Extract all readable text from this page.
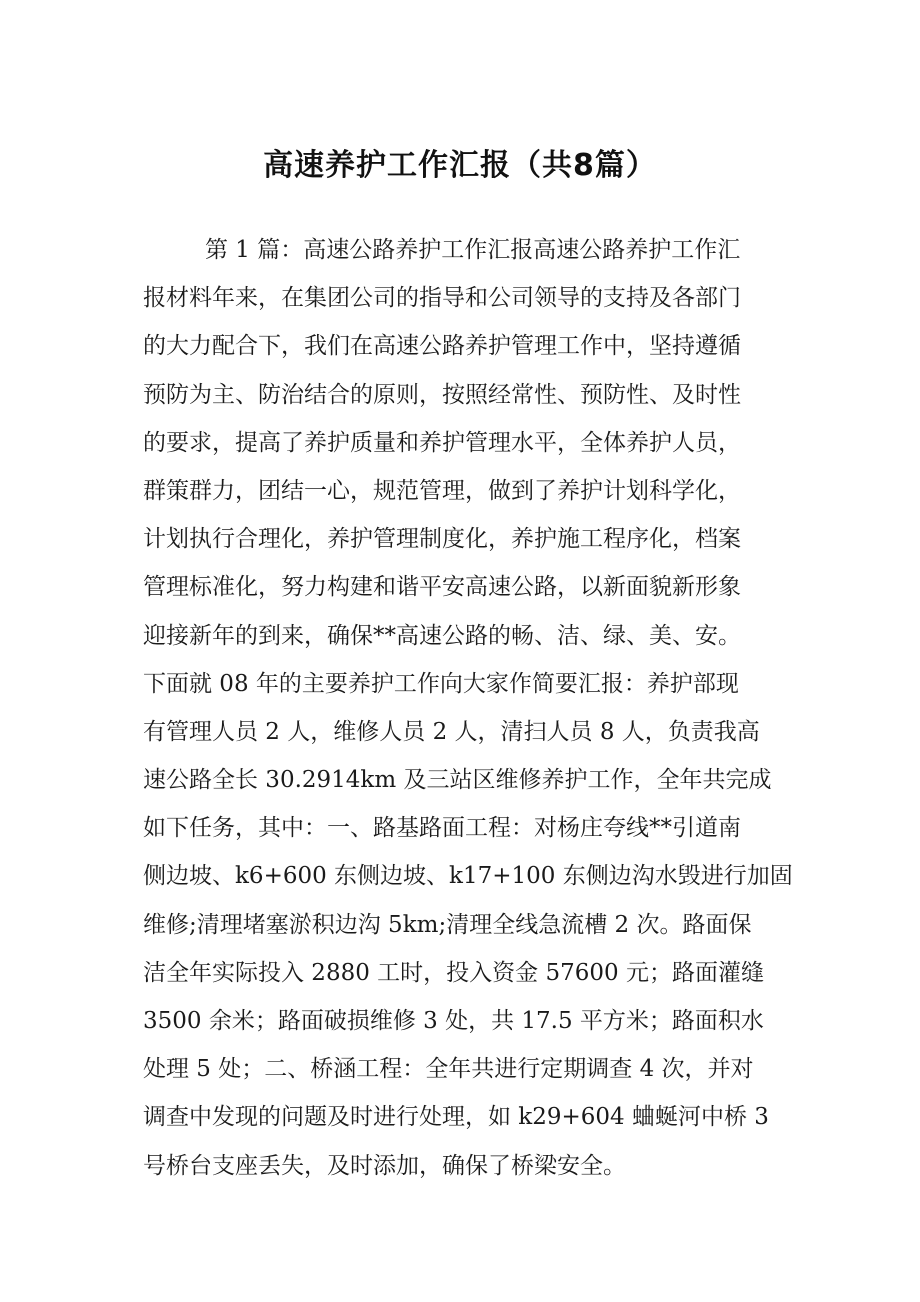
高速养护工作汇报（共8篇）
第 1 篇：高速公路养护工作汇报高速公路养护工作汇
报材料年来，在集团公司的指导和公司领导的支持及各部门
的大力配合下，我们在高速公路养护管理工作中，坚持遵循
预防为主、防治结合的原则，按照经常性、预防性、及时性
的要求，提高了养护质量和养护管理水平，全体养护人员，
群策群力，团结一心，规范管理，做到了养护计划科学化，
计划执行合理化，养护管理制度化，养护施工程序化，档案
管理标准化，努力构建和谐平安高速公路，以新面貌新形象
迎接新年的到来，确保**高速公路的畅、洁、绿、美、安。
下面就 08 年的主要养护工作向大家作简要汇报：养护部现
有管理人员 2 人，维修人员 2 人，清扫人员 8 人，负责我高
速公路全长 30.2914km 及三站区维修养护工作，全年共完成
如下任务，其中：一、路基路面工程：对杨庄夸线**引道南
侧边坡、k6+600 东侧边坡、k17+100 东侧边沟水毁进行加固
维修;清理堵塞淤积边沟 5km;清理全线急流槽 2 次。路面保
洁全年实际投入 2880 工时，投入资金 57600 元；路面灌缝
3500 余米；路面破损维修 3 处，共 17.5 平方米；路面积水
处理 5 处；二、桥涵工程：全年共进行定期调查 4 次，并对
调查中发现的问题及时进行处理，如 k29+604 蛐蜒河中桥 3
号桥台支座丢失，及时添加，确保了桥梁安全。
